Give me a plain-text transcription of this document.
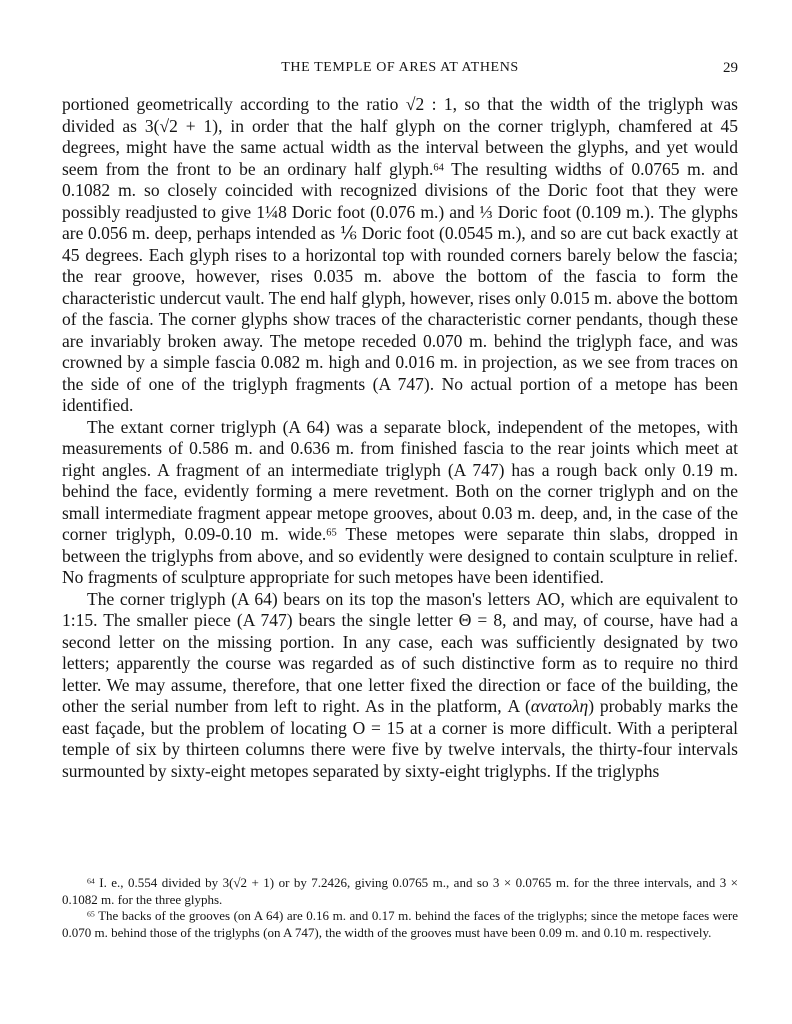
THE TEMPLE OF ARES AT ATHENS	29

portioned geometrically according to the ratio √2 : 1, so that the width of the triglyph was divided as 3(√2 + 1), in order that the half glyph on the corner triglyph, chamfered at 45 degrees, might have the same actual width as the interval between the glyphs, and yet would seem from the front to be an ordinary half glyph.$^{64}$ The resulting widths of 0.0765 m. and 0.1082 m. so closely coincided with recognized divisions of the Doric foot that they were possibly readjusted to give 1¼8 Doric foot (0.076 m.) and ⅓ Doric foot (0.109 m.). The glyphs are 0.056 m. deep, perhaps intended as ⅙ Doric foot (0.0545 m.), and so are cut back exactly at 45 degrees. Each glyph rises to a horizontal top with rounded corners barely below the fascia; the rear groove, however, rises 0.035 m. above the bottom of the fascia to form the characteristic undercut vault. The end half glyph, however, rises only 0.015 m. above the bottom of the fascia. The corner glyphs show traces of the characteristic corner pendants, though these are invariably broken away. The metope receded 0.070 m. behind the triglyph face, and was crowned by a simple fascia 0.082 m. high and 0.016 m. in projection, as we see from traces on the side of one of the triglyph fragments (A 747). No actual portion of a metope has been identified.

The extant corner triglyph (A 64) was a separate block, independent of the metopes, with measurements of 0.586 m. and 0.636 m. from finished fascia to the rear joints which meet at right angles. A fragment of an intermediate triglyph (A 747) has a rough back only 0.19 m. behind the face, evidently forming a mere revetment. Both on the corner triglyph and on the small intermediate fragment appear metope grooves, about 0.03 m. deep, and, in the case of the corner triglyph, 0.09-0.10 m. wide.$^{65}$ These metopes were separate thin slabs, dropped in between the triglyphs from above, and so evidently were designed to contain sculpture in relief. No fragments of sculpture appropriate for such metopes have been identified.

The corner triglyph (A 64) bears on its top the mason's letters ΑΟ, which are equivalent to 1:15. The smaller piece (A 747) bears the single letter Θ = 8, and may, of course, have had a second letter on the missing portion. In any case, each was sufficiently designated by two letters; apparently the course was regarded as of such distinctive form as to require no third letter. We may assume, therefore, that one letter fixed the direction or face of the building, the other the serial number from left to right. As in the platform, Α (ανατολη) probably marks the east façade, but the problem of locating O = 15 at a corner is more difficult. With a peripteral temple of six by thirteen columns there were five by twelve intervals, the thirty-four intervals surmounted by sixty-eight metopes separated by sixty-eight triglyphs. If the triglyphs

$^{64}$ I. e., 0.554 divided by 3(√2 + 1) or by 7.2426, giving 0.0765 m., and so 3 × 0.0765 m. for the three intervals, and 3 × 0.1082 m. for the three glyphs.

$^{65}$ The backs of the grooves (on A 64) are 0.16 m. and 0.17 m. behind the faces of the triglyphs; since the metope faces were 0.070 m. behind those of the triglyphs (on A 747), the width of the grooves must have been 0.09 m. and 0.10 m. respectively.
